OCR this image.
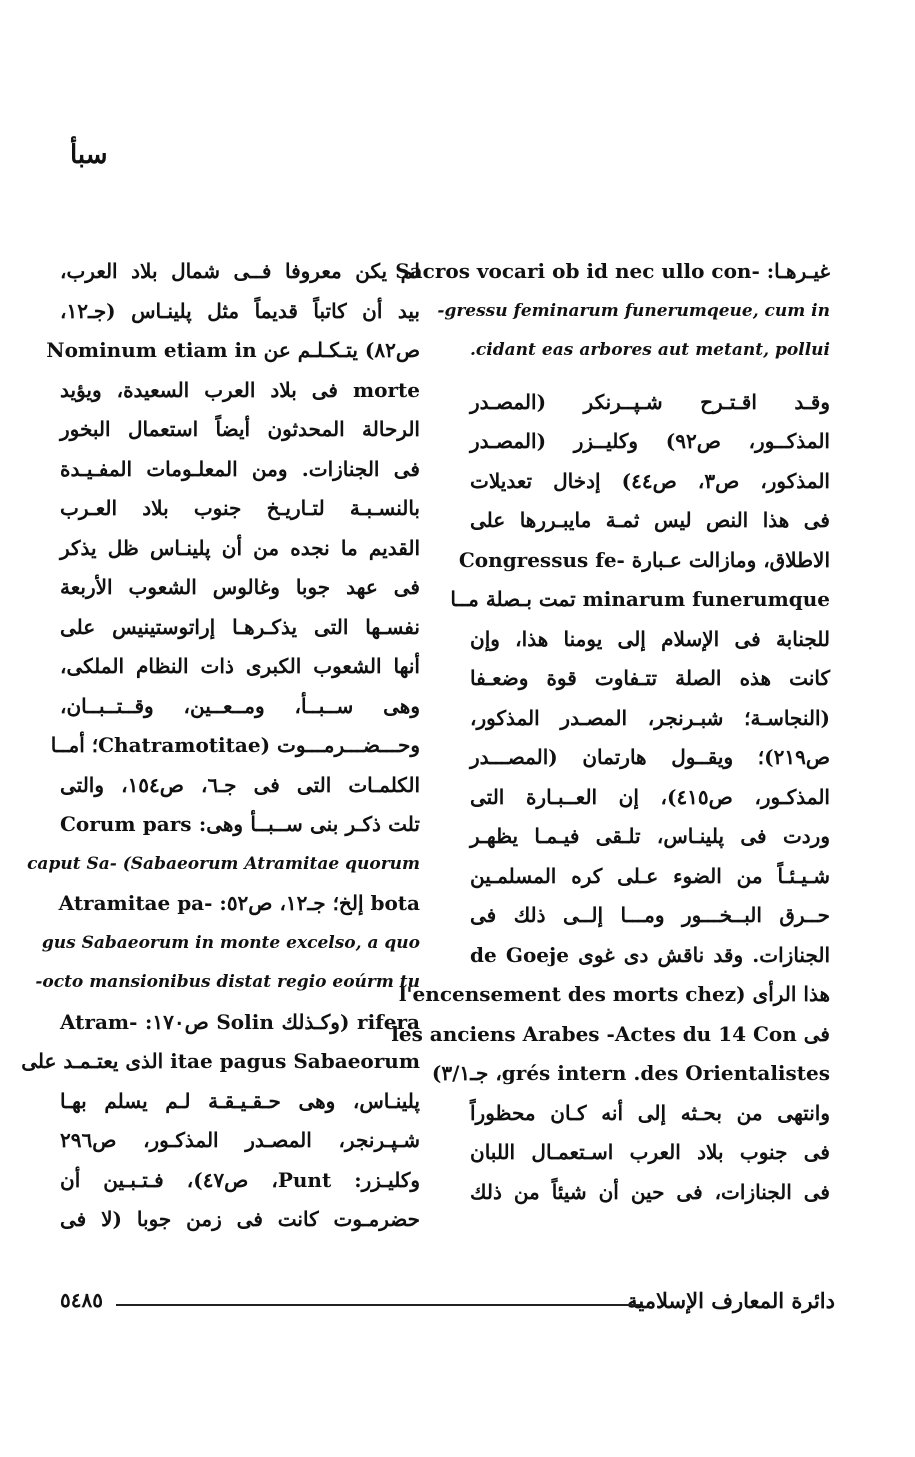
سبأ
غيـرهـا: -Sacros vocari ob id nec ullo con
gressu feminarum funerumqeue, cum in-
cidant eas arbores aut metant, pollui.
وقـد اقـتـرح شـپــرنكر (المصـدر
المذكــور، ص٩٢) وكليــزر (المصـدر
المذكور، ص٣، ص٤٤) إدخال تعديلات
فى هذا النص ليس ثمـة مايبـررها على
الاطلاق، ومازالت عـبارة -Congressus fe
minarum funerumque تمت بـصلة مــا
للجنابة فى الإسلام إلى يومنا هذا، وإن
كانت هذه الصلة تتـفاوت قوة وضعـفا
(النجاسـة؛ شبـرنجر، المصـدر المذكور،
ص٢١٩)؛ ويقــول هارتمان (المصـــدر
المذكـور، ص٤١٥)، إن العــبـارة التى
وردت فى پلينـاس، تلـقى فيـمـا يظهـر
شـيـئـاً من الضوء عـلى كره المسلمـين
حــرق البــخـــور ومـــا إلــى ذلك فى
الجنازات. وقد ناقش دى غوى de Goeje
هذا الرأى (l'encensement des morts chez
فى les anciens Arabes -Actes du 14 Con
grés intern .des Orientalistes، جـ٣/١)
وانتهى من بحـثه إلى أنه كـان محظوراً
فى جنوب بلاد العرب اسـتعمـال اللبان
فى الجنازات، فى حين أن شيئاً من ذلك
لم يكن معروفا فــى شمال بلاد العرب،
بيد أن كاتباً قديماً مثل پلينـاس (جـ١٢،
ص٨٢) يتـكـلـم عن Nominum etiam in
morte فى بلاد العرب السعيدة، ويؤيد
الرحالة المحدثون أيضاً استعمال البخور
فى الجنازات. ومن المعلـومات المفـيـدة
بالنسـبـة لتـاريـخ جنوب بلاد العـرب
القديم ما نجده من أن پلينـاس ظل يذكر
فى عهد جوبا وغالوس الشعوب الأربعة
نفسـها التى يذكـرهـا إراتوستينيس على
أنها الشعوب الكبرى ذات النظام الملكى،
وهى ســبــأ، ومــعــين، وقــتــبــان،
وحـــضـــرمـــوت (Chatramotitae؛ أمــا
الكلمـات التى فى جـ٦، ص١٥٤، والتى
تلت ذكـر بنى ســبــأ وهى: Corum pars
caput Sa- (Sabaeorum Atramitae quorum
bota إلخ؛ جـ١٢، ص٥٢: -Atramitae pa
gus Sabaeorum in monte excelso, a quo
octo mansionibus distat regio eoúrm tu-
rifera (وكـذلك Solin ص١٧٠: -Atram
itae pagus Sabaeorum الذى يعتـمـد على
پلينـاس، وهى حـقـيـقـة لـم يسلم بهـا
شـپـرنجر، المصـدر المذكـور، ص٢٩٦
وكليـزر: Punt، ص٤٧)، فـتـبـين أن
حضرمـوت كانت فى زمن جوبا (لا فى
دائرة المعارف الإسلامية
٥٤٨٥
